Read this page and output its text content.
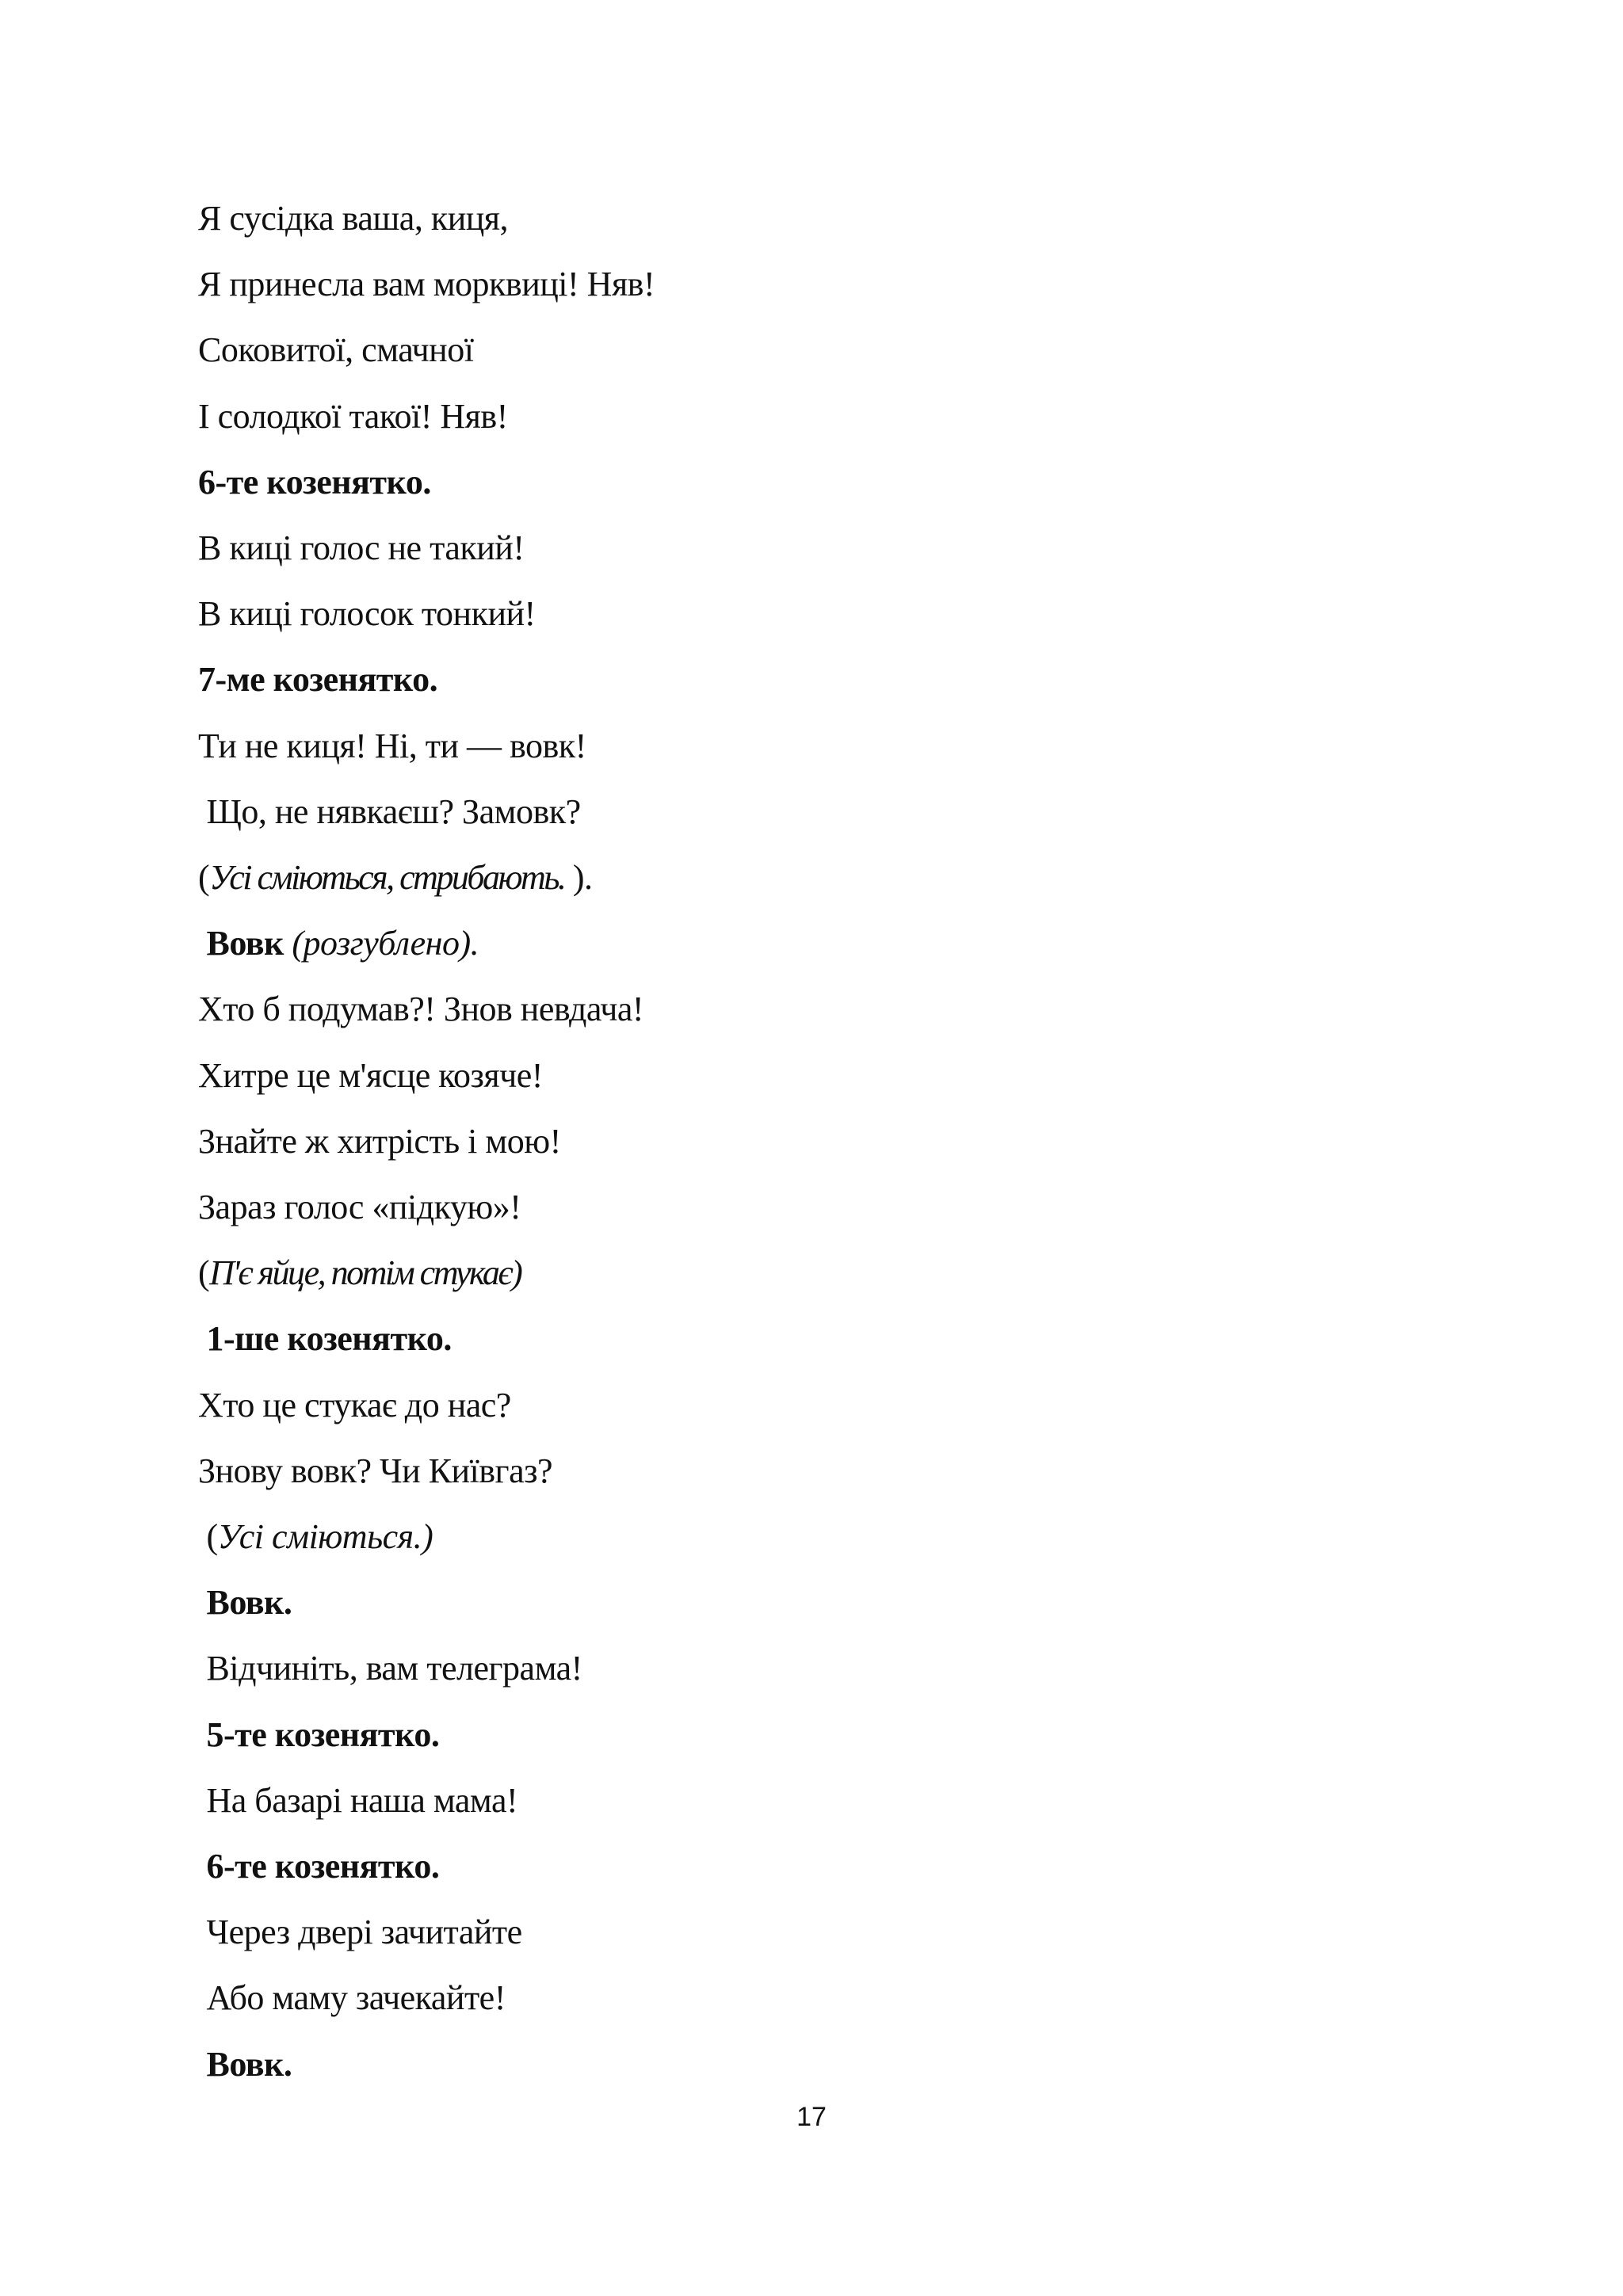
Я сусідка ваша, киця,
Я принесла вам морквиці! Няв!
Соковитої, смачної
І солодкої такої! Няв!
6-те козенятко.
В киці голос не такий!
В киці голосок тонкий!
7-ме козенятко.
Ти не киця! Ні, ти — вовк!
Що, не нявкаєш? Замовк?
(Усі сміються, стрибають. ).
Вовк (розгублено).
Хто б подумав?! Знов невдача!
Хитре це м'ясце козяче!
Знайте ж хитрість і мою!
Зараз голос «підкую»!
(П'є яйце, потім стукає)
1-ше козенятко.
Хто це стукає до нас?
Знову вовк? Чи Київгаз?
(Усі сміються.)
Вовк.
Відчиніть, вам телеграма!
5-те козенятко.
На базарі наша мама!
6-те козенятко.
Через двері зачитайте
Або маму зачекайте!
Вовк.
17
